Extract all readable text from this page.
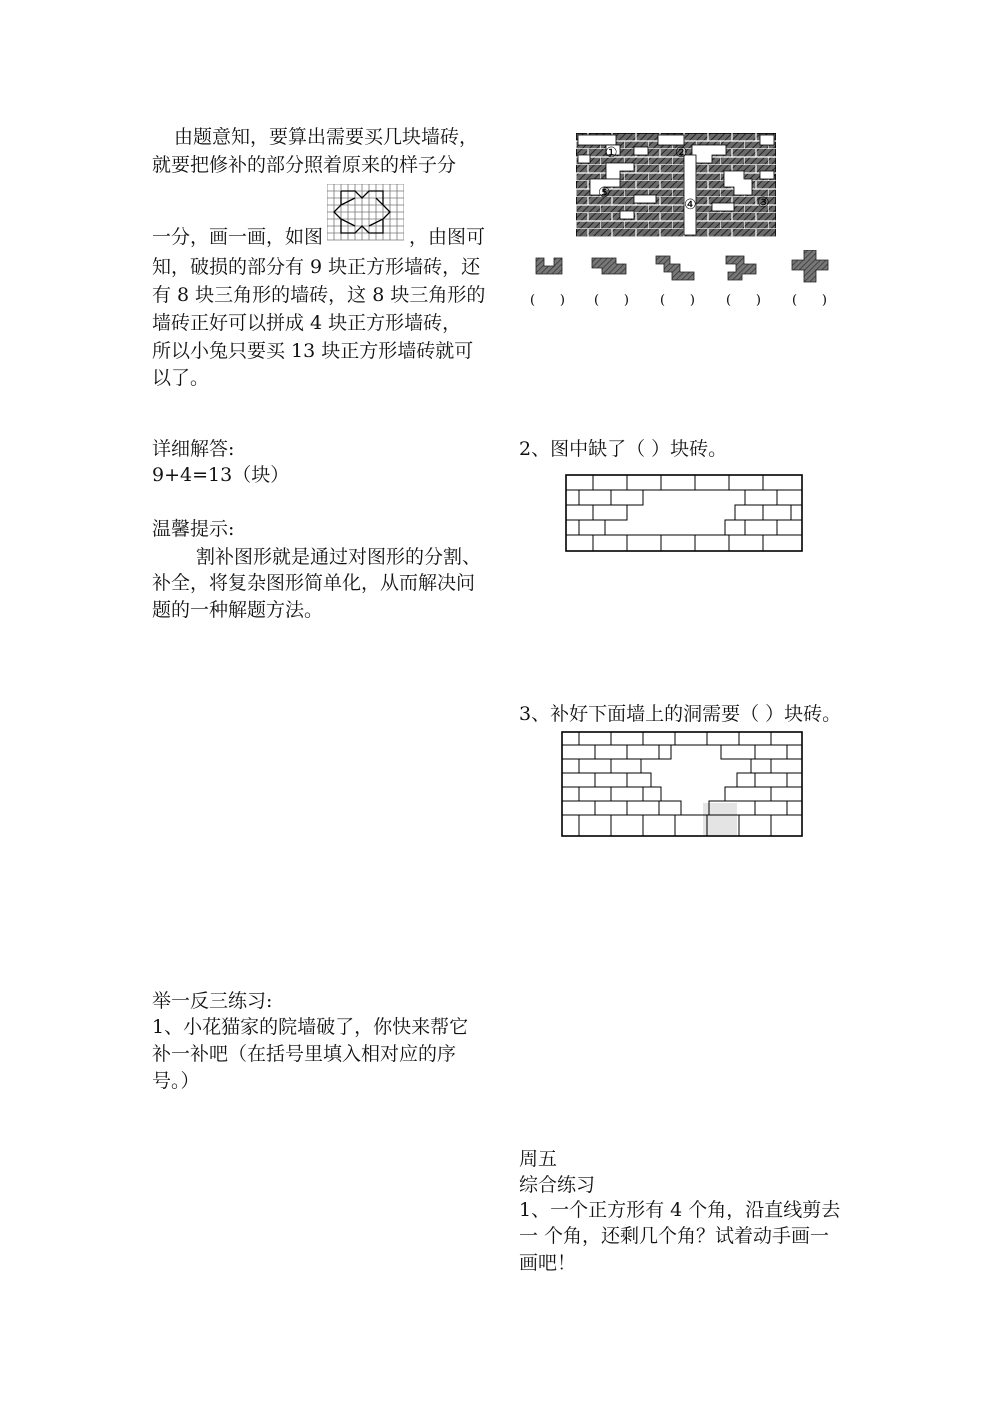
由题意知，要算出需要买几块墙砖，

就要把修补的部分照着原来的样子分

一分，画一画，如图	，由图可

知，破损的部分有 9 块正方形墙砖，还

有 8 块三角形的墙砖，这 8 块三角形的

墙砖正好可以拼成 4 块正方形墙砖，

所以小兔只要买 13 块正方形墙砖就可

以了。

详细解答:

9+4=13（块）

温馨提示:

割补图形就是通过对图形的分割、

补全，将复杂图形简单化，从而解决问

题的一种解题方法。

举一反三练习:

1、小花猫家的院墙破了，你快来帮它

补一补吧（在括号里填入相对应的序

号。）

①	②
③
④
⑤
(      ) (      ) (      ) (      ) (      )

2、图中缺了（ ）块砖。

3、补好下面墙上的洞需要（ ）块砖。

周五

综合练习

1、一个正方形有 4 个角，沿直线剪去

一 个角，还剩几个角？试着动手画一

画吧！
